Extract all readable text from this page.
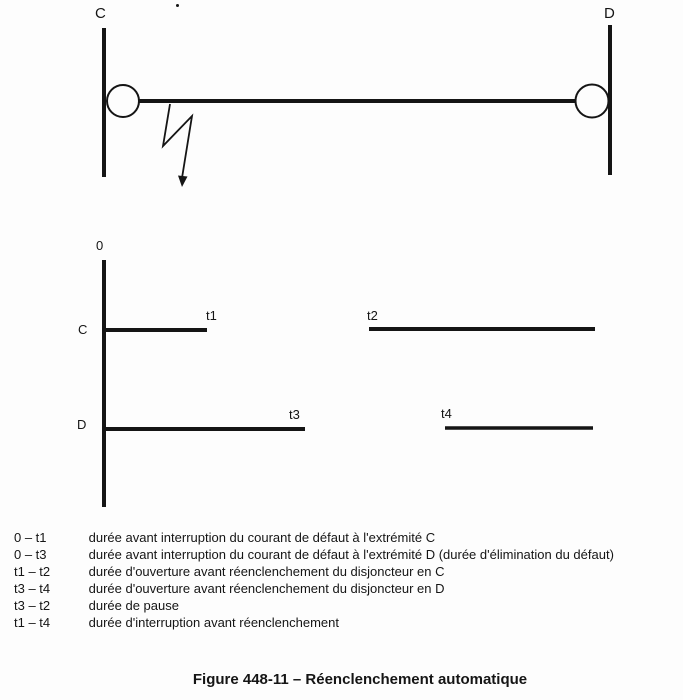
C	D
0
C
D
t1	t2
t3	t4
0 – t1	durée avant interruption du courant de défaut à l'extrémité C
0 – t3	durée avant interruption du courant de défaut à l'extrémité D (durée d'élimination du défaut)
t1 – t2	durée d'ouverture avant réenclenchement du disjoncteur en C
t3 – t4	durée d'ouverture avant réenclenchement du disjoncteur en D
t3 – t2	durée de pause
t1 – t4	durée d'interruption avant réenclenchement
Figure 448-11 – Réenclenchement automatique
